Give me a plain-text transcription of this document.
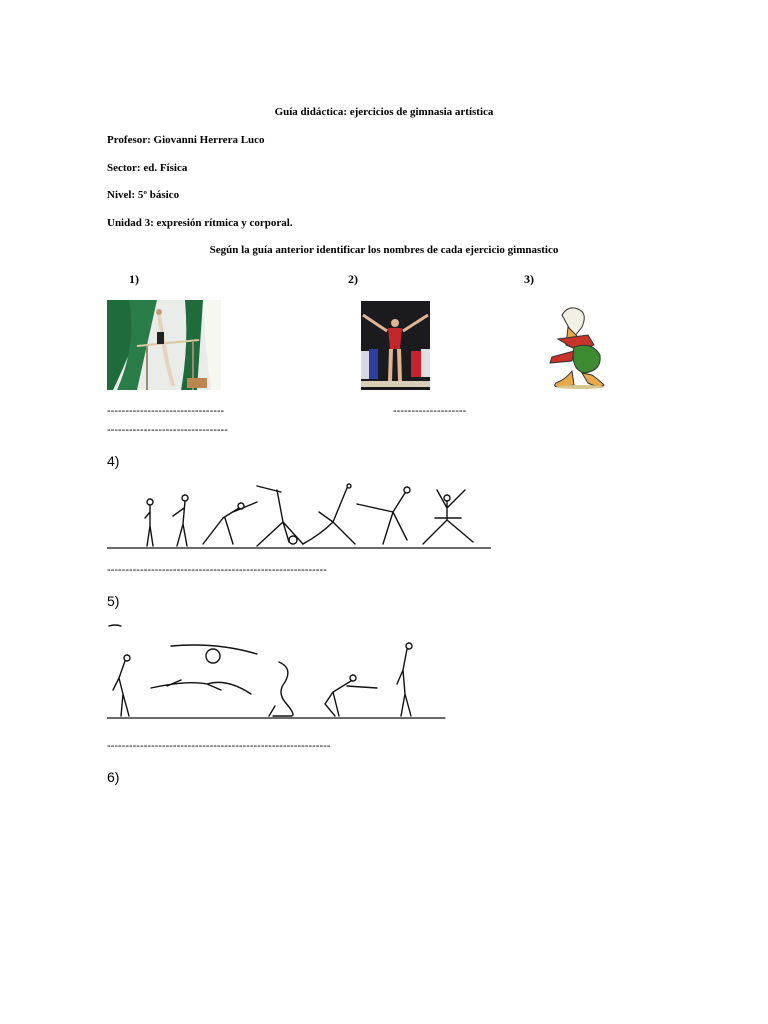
Guía didáctica: ejercicios de gimnasia artística
Profesor: Giovanni Herrera Luco
Sector: ed. Física
Nivel: 5º básico
Unidad 3: expresión rítmica y corporal.
Según la guía anterior identificar los nombres de cada ejercicio gimnastico
1)	2)	3)
--------------------------------
---------------------------------
--------------------
4)
------------------------------------------------------------
5)
-------------------------------------------------------------
6)
